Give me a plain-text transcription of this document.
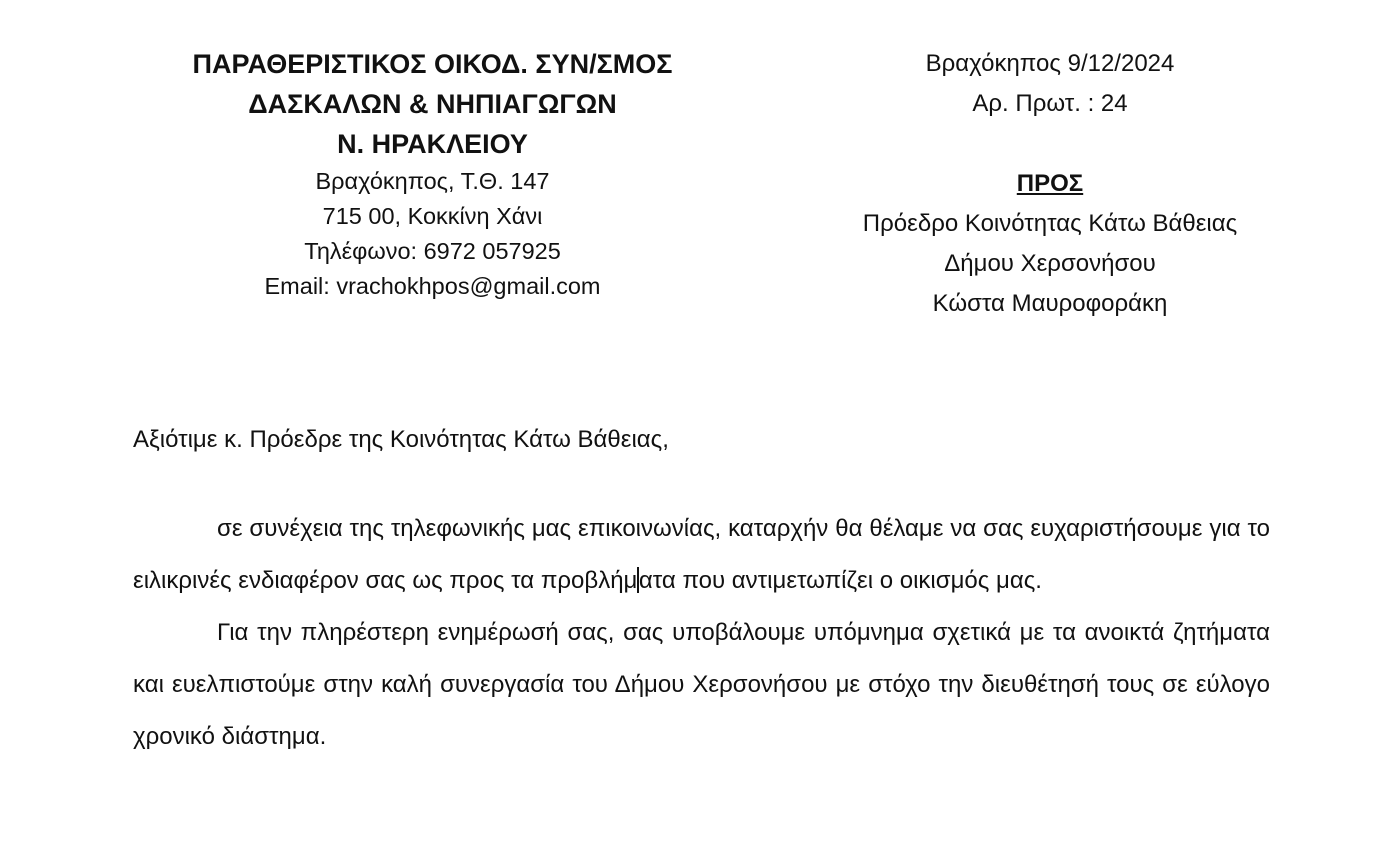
ΠΑΡΑΘΕΡΙΣΤΙΚΟΣ ΟΙΚΟΔ. ΣΥΝ/ΣΜΟΣ

ΔΑΣΚΑΛΩΝ & ΝΗΠΙΑΓΩΓΩΝ

Ν. ΗΡΑΚΛΕΙΟΥ

Βραχόκηπος, Τ.Θ. 147

715 00, Κοκκίνη Χάνι

Τηλέφωνο: 6972 057925

Email: vrachokhpos@gmail.com

Βραχόκηπος 9/12/2024

Αρ. Πρωτ. : 24

ΠΡΟΣ

Πρόεδρο Κοινότητας Κάτω Βάθειας

Δήμου Χερσονήσου

Κώστα Μαυροφοράκη

Αξιότιμε κ. Πρόεδρε της Κοινότητας Κάτω Βάθειας,

σε συνέχεια της τηλεφωνικής μας επικοινωνίας, καταρχήν θα θέλαμε να σας ευχαριστήσουμε για το ειλικρινές ενδιαφέρον σας ως προς τα προβλήματα που αντιμετωπίζει ο οικισμός μας.

Για την πληρέστερη ενημέρωσή σας, σας υποβάλουμε υπόμνημα σχετικά με τα ανοικτά ζητήματα και ευελπιστούμε στην καλή συνεργασία του Δήμου Χερσονήσου με στόχο την διευθέτησή τους σε εύλογο χρονικό διάστημα.
